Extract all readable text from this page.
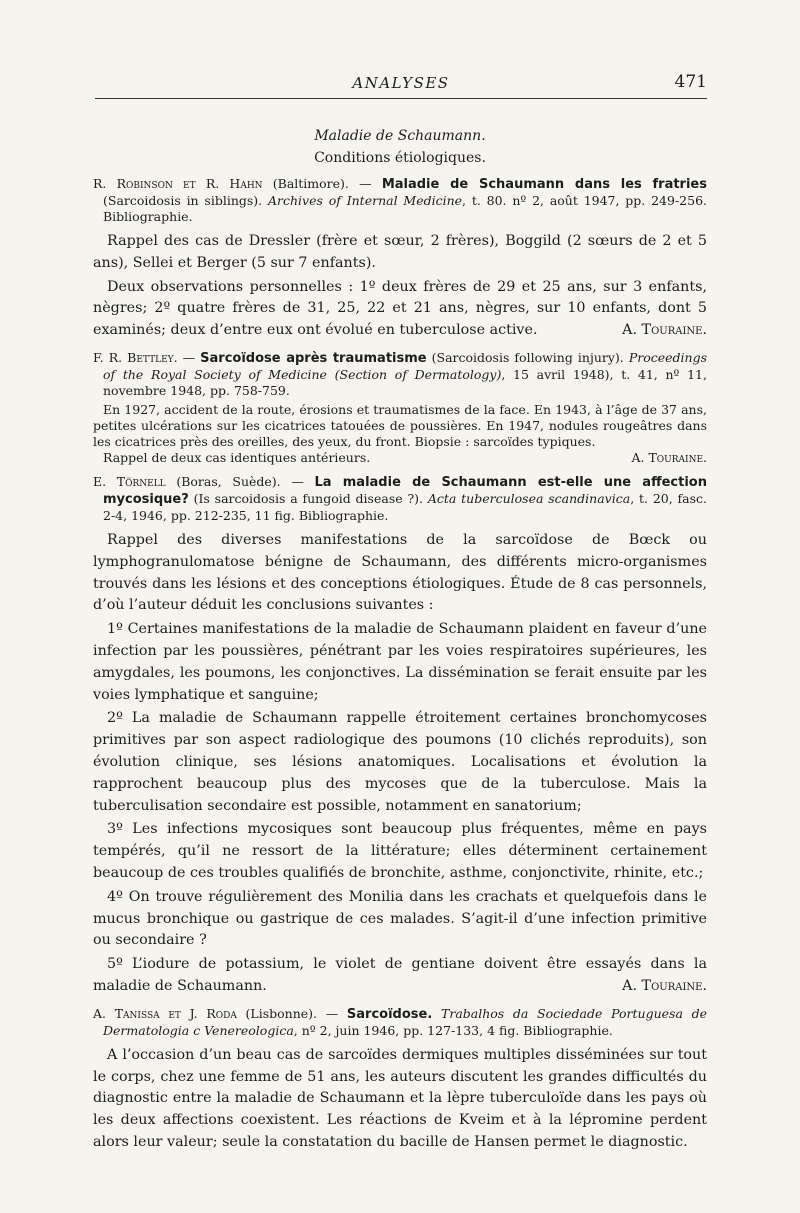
ANALYSES	471

Maladie de Schaumann.

Conditions étiologiques.

R. Robinson et R. Hahn (Baltimore). — Maladie de Schaumann dans les fratries (Sarcoidosis in siblings). Archives of Internal Medicine, t. 80. nº 2, août 1947, pp. 249-256. Bibliographie.

Rappel des cas de Dressler (frère et sœur, 2 frères), Boggild (2 sœurs de 2 et 5 ans), Sellei et Berger (5 sur 7 enfants).

Deux observations personnelles : 1º deux frères de 29 et 25 ans, sur 3 enfants, nègres; 2º quatre frères de 31, 25, 22 et 21 ans, nègres, sur 10 enfants, dont 5 examinés; deux d’entre eux ont évolué en tuberculose active.	A. Touraine.

F. R. Bettley. — Sarcoïdose après traumatisme (Sarcoidosis following injury). Proceedings of the Royal Society of Medicine (Section of Dermatology), 15 avril 1948), t. 41, nº 11, novembre 1948, pp. 758-759.

En 1927, accident de la route, érosions et traumatismes de la face. En 1943, à l’âge de 37 ans, petites ulcérations sur les cicatrices tatouées de poussières. En 1947, nodules rougeâtres dans les cicatrices près des oreilles, des yeux, du front. Biopsie : sarcoïdes typiques.

Rappel de deux cas identiques antérieurs.	A. Touraine.

E. Törnell (Boras, Suède). — La maladie de Schaumann est-elle une affection mycosique? (Is sarcoidosis a fungoid disease ?). Acta tuberculosea scandinavica, t. 20, fasc. 2-4, 1946, pp. 212-235, 11 fig. Bibliographie.

Rappel des diverses manifestations de la sarcoïdose de Bœck ou lymphogranulomatose bénigne de Schaumann, des différents micro-organismes trouvés dans les lésions et des conceptions étiologiques. Étude de 8 cas personnels, d’où l’auteur déduit les conclusions suivantes :

1º Certaines manifestations de la maladie de Schaumann plaident en faveur d’une infection par les poussières, pénétrant par les voies respiratoires supérieures, les amygdales, les poumons, les conjonctives. La dissémination se ferait ensuite par les voies lymphatique et sanguine;

2º La maladie de Schaumann rappelle étroitement certaines bronchomycoses primitives par son aspect radiologique des poumons (10 clichés reproduits), son évolution clinique, ses lésions anatomiques. Localisations et évolution la rapprochent beaucoup plus des mycoses que de la tuberculose. Mais la tuberculisation secondaire est possible, notamment en sanatorium;

3º Les infections mycosiques sont beaucoup plus fréquentes, même en pays tempérés, qu’il ne ressort de la littérature; elles déterminent certainement beaucoup de ces troubles qualifiés de bronchite, asthme, conjonctivite, rhinite, etc.;

4º On trouve régulièrement des Monilia dans les crachats et quelquefois dans le mucus bronchique ou gastrique de ces malades. S’agit-il d’une infection primitive ou secondaire ?

5º L’iodure de potassium, le violet de gentiane doivent être essayés dans la maladie de Schaumann.	A. Touraine.

A. Tanissa et J. Roda (Lisbonne). — Sarcoïdose. Trabalhos da Sociedade Portuguesa de Dermatologia c Venereologica, nº 2, juin 1946, pp. 127-133, 4 fig. Bibliographie.

A l’occasion d’un beau cas de sarcoïdes dermiques multiples disséminées sur tout le corps, chez une femme de 51 ans, les auteurs discutent les grandes difficultés du diagnostic entre la maladie de Schaumann et la lèpre tuberculoïde dans les pays où les deux affections coexistent. Les réactions de Kveim et à la lépromine perdent alors leur valeur; seule la constatation du bacille de Hansen permet le diagnostic.
